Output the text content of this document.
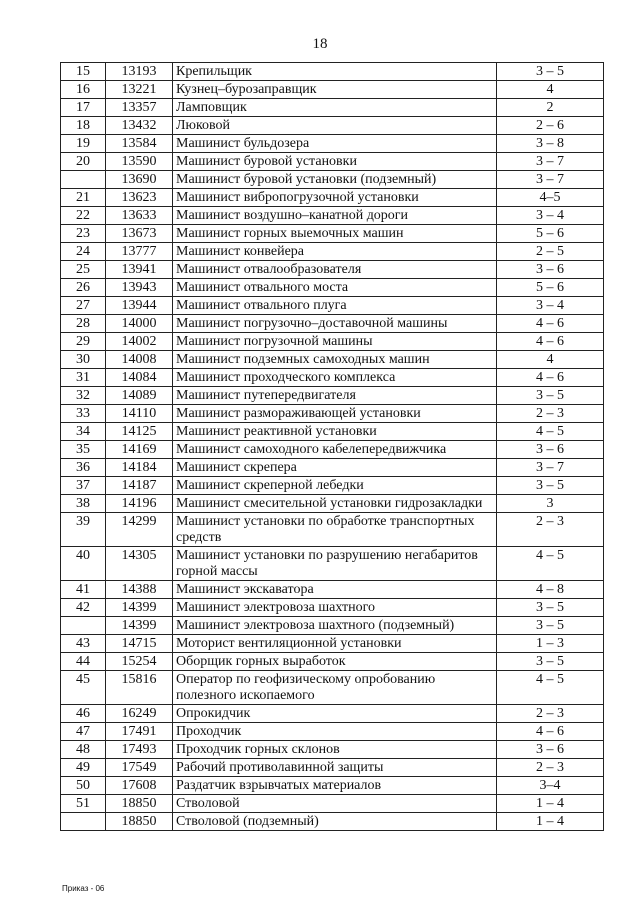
18
15	13193	Крепильщик	3 – 5
16	13221	Кузнец–бурозаправщик	4
17	13357	Ламповщик	2
18	13432	Люковой	2 – 6
19	13584	Машинист бульдозера	3 – 8
20	13590	Машинист буровой установки	3 – 7
	13690	Машинист буровой установки (подземный)	3 – 7
21	13623	Машинист вибропогрузочной установки	4–5
22	13633	Машинист воздушно–канатной дороги	3 – 4
23	13673	Машинист горных выемочных машин	5 – 6
24	13777	Машинист конвейера	2 – 5
25	13941	Машинист отвалообразователя	3 – 6
26	13943	Машинист отвального моста	5 – 6
27	13944	Машинист отвального плуга	3 – 4
28	14000	Машинист погрузочно–доставочной машины	4 – 6
29	14002	Машинист погрузочной машины	4 – 6
30	14008	Машинист подземных самоходных машин	4
31	14084	Машинист проходческого комплекса	4 – 6
32	14089	Машинист путепередвигателя	3 – 5
33	14110	Машинист размораживающей установки	2 – 3
34	14125	Машинист реактивной установки	4 – 5
35	14169	Машинист самоходного кабелепередвижчика	3 – 6
36	14184	Машинист скрепера	3 – 7
37	14187	Машинист скреперной лебедки	3 – 5
38	14196	Машинист смесительной установки гидрозакладки	3
39	14299	Машинист установки по обработке транспортных средств	2 – 3
40	14305	Машинист установки по разрушению негабаритов горной массы	4 – 5
41	14388	Машинист экскаватора	4 – 8
42	14399	Машинист электровоза шахтного	3 – 5
	14399	Машинист электровоза шахтного (подземный)	3 – 5
43	14715	Моторист вентиляционной установки	1 – 3
44	15254	Оборщик горных выработок	3 – 5
45	15816	Оператор по геофизическому опробованию полезного ископаемого	4 – 5
46	16249	Опрокидчик	2 – 3
47	17491	Проходчик	4 – 6
48	17493	Проходчик горных склонов	3 – 6
49	17549	Рабочий противолавинной защиты	2 – 3
50	17608	Раздатчик взрывчатых материалов	3–4
51	18850	Стволовой	1 – 4
	18850	Стволовой (подземный)	1 – 4
Приказ - 06
